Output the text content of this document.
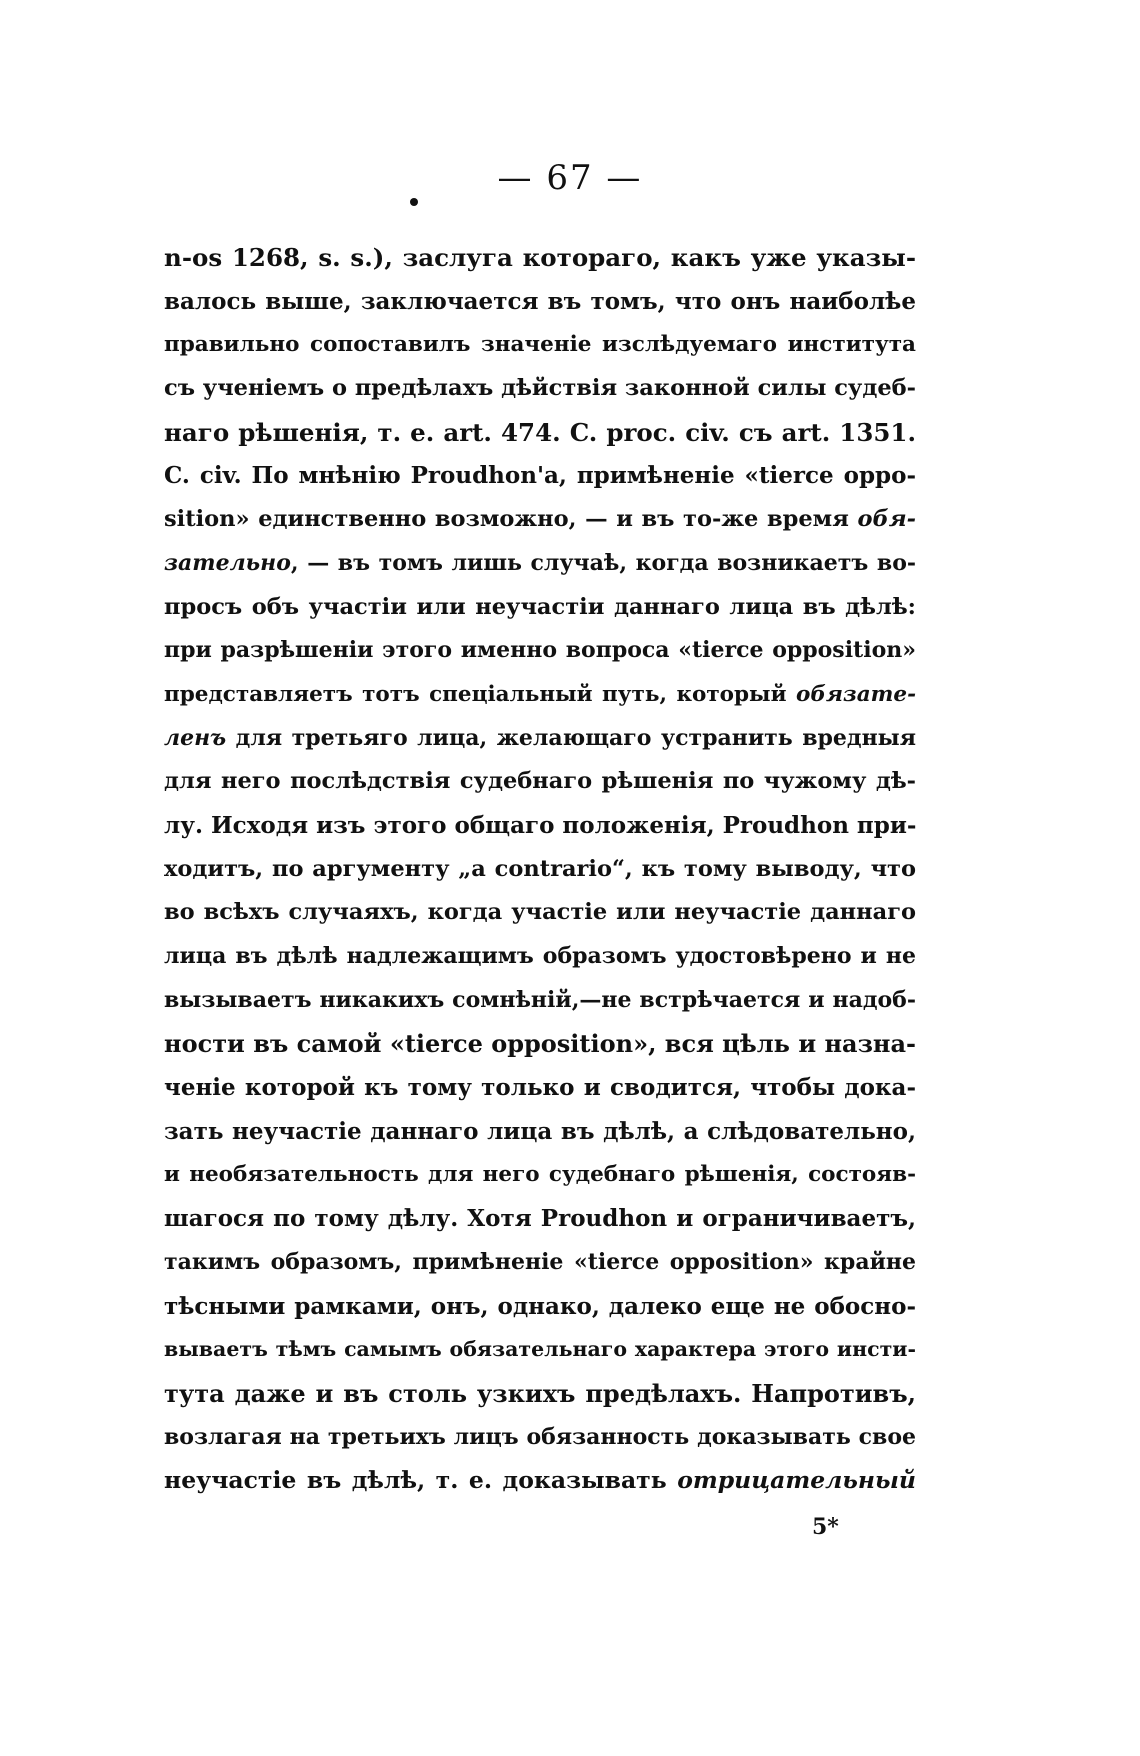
— 67 —
n-os 1268, s. s.), заслуга котораго, какъ уже указы-
валось выше, заключается въ томъ, что онъ наиболѣе
правильно сопоставилъ значеніе изслѣдуемаго института
съ ученіемъ о предѣлахъ дѣйствія законной силы судеб-
наго рѣшенія, т. е. art. 474. C. proc. civ. съ art. 1351.
C. civ. По мнѣнію Proudhon'a, примѣненіе «tierce oppo-
sition» единственно возможно, — и въ то-же время обя-
зательно, — въ томъ лишь случаѣ, когда возникаетъ во-
просъ объ участіи или неучастіи даннаго лица въ дѣлѣ:
при разрѣшеніи этого именно вопроса «tierce opposition»
представляетъ тотъ спеціальный путь, который обязате-
ленъ для третьяго лица, желающаго устранить вредныя
для него послѣдствія судебнаго рѣшенія по чужому дѣ-
лу. Исходя изъ этого общаго положенія, Proudhon при-
ходитъ, по аргументу „a contrario“, къ тому выводу, что
во всѣхъ случаяхъ, когда участіе или неучастіе даннаго
лица въ дѣлѣ надлежащимъ образомъ удостовѣрено и не
вызываетъ никакихъ сомнѣній,—не встрѣчается и надоб-
ности въ самой «tierce opposition», вся цѣль и назна-
ченіе которой къ тому только и сводится, чтобы дока-
зать неучастіе даннаго лица въ дѣлѣ, а слѣдовательно,
и необязательность для него судебнаго рѣшенія, состояв-
шагося по тому дѣлу. Хотя Proudhon и ограничиваетъ,
такимъ образомъ, примѣненіе «tierce opposition» крайне
тѣсными рамками, онъ, однако, далеко еще не обосно-
вываетъ тѣмъ самымъ обязательнаго характера этого инсти-
тута даже и въ столь узкихъ предѣлахъ. Напротивъ,
возлагая на третьихъ лицъ обязанность доказывать свое
неучастіе въ дѣлѣ, т. е. доказывать отрицательный
5*
